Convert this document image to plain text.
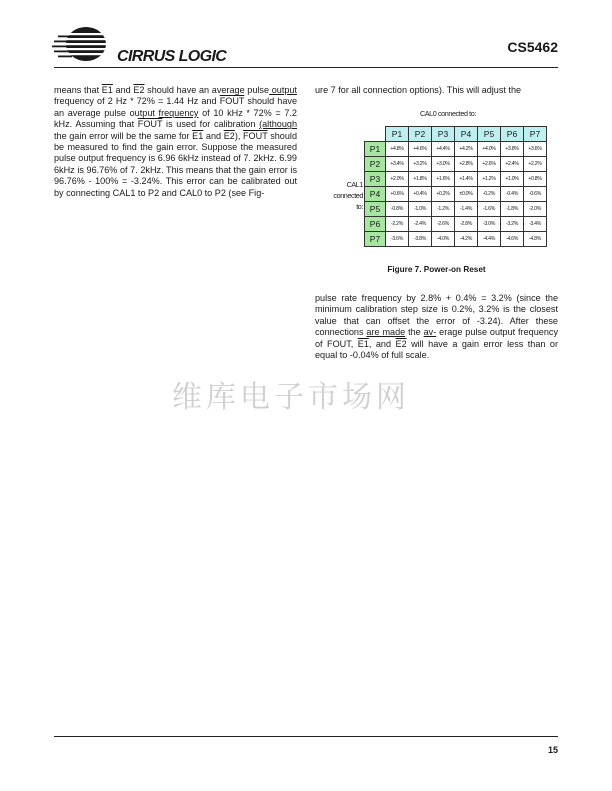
CIRRUS LOGIC
CS5462
means that E1 and E2 should have an average pulse output frequency of 2 Hz * 72% = 1.44 Hz and FOUT should have an average pulse output frequency of 10 kHz * 72% = 7.2 kHz. Assuming that FOUT is used for calibration (although the gain error will be the same for E1 and E2), FOUT should be measured to find the gain error. Suppose the measured pulse output frequency is 6.96 6kHz instead of 7. 2kHz. 6.99 6kHz is 96.76% of 7. 2kHz. This means that the gain error is 96.76% - 100% = -3.24%. This error can be calibrated out by connecting CAL1 to P2 and CAL0 to P2 (see Fig-
ure 7 for all connection options). This will adjust the
CAL0 connected to:
CAL1
connected
to:
	P1	P2	P3	P4	P5	P6	P7
P1	+4.8%	+4.6%	+4.4%	+4.2%	+4.0%	+3.8%	+3.6%
P2	+3.4%	+3.2%	+3.0%	+2.8%	+2.6%	+2.4%	+2.2%
P3	+2.0%	+1.8%	+1.6%	+1.4%	+1.2%	+1.0%	+0.8%
P4	+0.6%	+0.4%	+0.2%	±0.0%	-0.2%	-0.4%	-0.6%
P5	-0.8%	-1.0%	-1.2%	-1.4%	-1.6%	-1.8%	-2.0%
P6	-2.2%	-2.4%	-2.6%	-2.8%	-3.0%	-3.2%	-3.4%
P7	-3.6%	-3.8%	-4.0%	-4.2%	-4.4%	-4.6%	-4.8%
Figure 7. Power-on Reset
pulse rate frequency by 2.8% + 0.4% = 3.2% (since the minimum calibration step size is 0.2%, 3.2% is the closest value that can offset the error of -3.24). After these connections are made the av- erage pulse output frequency of FOUT, E1, and E2 will have a gain error less than or equal to -0.04% of full scale.
维库电子市场网
15
